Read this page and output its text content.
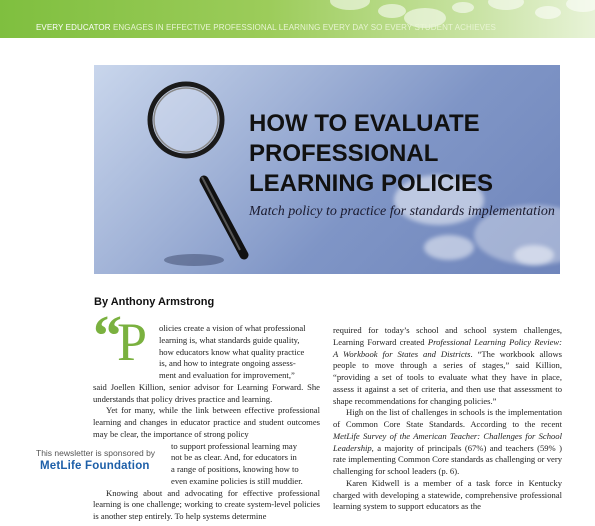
EVERY EDUCATOR ENGAGES IN EFFECTIVE PROFESSIONAL LEARNING EVERY DAY SO EVERY STUDENT ACHIEVES
HOW TO EVALUATE
PROFESSIONAL
LEARNING POLICIES
Match policy to practice for standards implementation
By Anthony Armstrong
“
P	olicies create a vision of what professional

learning is, what standards guide quality,

how educators know what quality practice

is, and how to integrate ongoing assess-

ment and evaluation for improvement,”

said Joellen Killion, senior advisor for Learning Forward. She understands that policy drives practice and learning.

Yet for many, while the link between effective professional learning and changes in educator practice and student outcomes may be clear, the importance of strong policy

to support professional learning may

not be as clear. And, for educators in

a range of positions, knowing how to

even examine policies is still muddier.

Knowing about and advocating for effective professional learning is one challenge; working to create system-level policies is another step entirely. To help systems determine

required for today’s school and school system challenges, Learning Forward created Professional Learning Policy Review: A Workbook for States and Districts. “The workbook allows people to move through a series of stages,” said Killion, “providing a set of tools to evaluate what they have in place, assess it against a set of criteria, and then use that assessment to shape recommendations for changing policies.”

High on the list of challenges in schools is the implementation of Common Core State Standards. According to the recent MetLife Survey of the American Teacher: Challenges for School Leadership, a majority of principals (67%) and teachers (59% ) rate implementing Common Core standards as challenging or very challenging for school leaders (p. 6).

Karen Kidwell is a member of a task force in Kentucky charged with developing a statewide, comprehensive professional learning system to support educators as the

This newsletter is sponsored by
MetLife Foundation
